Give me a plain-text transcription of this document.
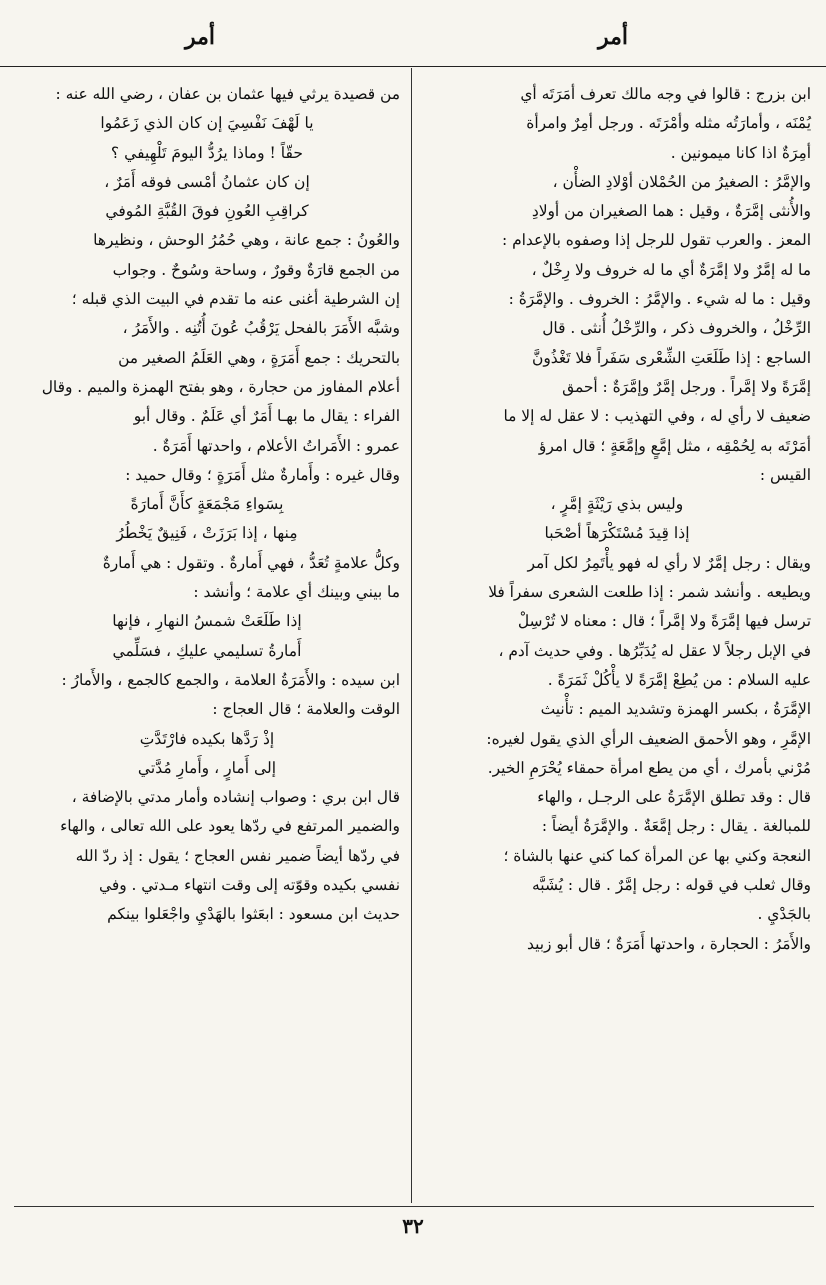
أمر	أمر

ابن بزرج : قالوا في وجه مالك تعرف أمَرَتَه أي

يُمْنَه ، وأمارَتُه مثله وأمْرَتَه . ورجل أمِرٌ وامرأة

أمِرَةٌ اذا كانا ميمونين .

والإمَّرُ : الصغيرُ من الحُمْلان أوْلادِ الضأْن ،

والأُنثى إمَّرَةٌ ، وقيل : هما الصغيران من أولادِ

المعز . والعرب تقول للرجل إذا وصفوه بالإعدام :

ما له إمَّرٌ ولا إمَّرَةٌ أي ما له خروف ولا رِخْلٌ ،

وقيل : ما له شيء . والإمَّرُ : الخروف . والإمَّرَةُ :

الرِّخْلُ ، والخروف ذكر ، والرِّخْلُ أُنثى . قال

الساجع : إذا طَلَعَتِ الشِّعْرى سَفَراً فلا تَغْذُونَّ

إمَّرَةً ولا إمَّراً . ورجل إمَّرٌ وإمَّرَةٌ : أحمق

ضعيف لا رأي له ، وفي التهذيب : لا عقل له إلا ما

أمَرْتَه به لِحُمْقِه ، مثل إمَّعٍ وإمَّعَةٍ ؛ قال امرؤ

القيس :

وليس بذي رَيْثَةٍ إمَّرٍ ،

إذا قِيدَ مُسْتَكْرَهاً أصْحَبا

ويقال : رجل إمَّرٌ لا رأي له فهو يأْتَمِرُ لكل آمر

ويطيعه . وأنشد شمر : إذا طلعت الشعرى سفراً فلا

ترسل فيها إمَّرَةً ولا إمَّراً ؛ قال : معناه لا تُرْسِلْ

في الإبل رجلاً لا عقل له يُدَبِّرُها . وفي حديث آدم ،

عليه السلام : من يُطِعْ إمَّرَةً لا يأْكُلْ ثَمَرَةً .

الإمَّرَةُ ، بكسر الهمزة وتشديد الميم : تأْنيث

الإمَّرِ ، وهو الأحمق الضعيف الرأي الذي يقول لغيره:

مُرْني بأمرك ، أي من يطع امرأة حمقاء يُحْرَمِ الخير.

قال : وقد تطلق الإمَّرَةُ على الرجـل ، والهاء

للمبالغة . يقال : رجل إمَّعَةٌ . والإمَّرَةُ أيضاً :

النعجة وكني بها عن المرأة كما كني عنها بالشاة ؛

وقال ثعلب في قوله : رجل إمَّرٌ . قال : يُشَبَّه

بالجَدْيِ .

والأَمَرُ : الحجارة ، واحدتها أَمَرَةٌ ؛ قال أبو زبيد

من قصيدة يرثي فيها عثمان بن عفان ، رضي الله عنه :

يا لَهْفَ نَفْسِيَ إن كان الذي زَعَمُوا

حقّاً ! وماذا يرُدُّ اليومَ تَلْهِيفي ؟

إن كان عثمانُ أمْسى فوقه أَمَرٌ ،

كراقِبِ العُونِ فوقَ القُبَّةِ المُوفي

والعُونُ : جمع عانة ، وهي حُمُرُ الوحش ، ونظيرها

من الجمع قارَةٌ وقورٌ ، وساحة وسُوحٌ . وجواب

إن الشرطية أغنى عنه ما تقدم في البيت الذي قبله ؛

وشبَّه الأَمَرَ بالفحل يَرْقُبُ عُونَ أُتُنِه . والأَمَرُ ،

بالتحريك : جمع أَمَرَةٍ ، وهي العَلَمُ الصغير من

أعلام المفاوز من حجارة ، وهو بفتح الهمزة والميم . وقال

الفراء : يقال ما بهـا أَمَرٌ أي عَلَمٌ . وقال أبو

عمرو : الأَمَراتُ الأعلام ، واحدتها أَمَرَةٌ .

وقال غيره : وأَمارةٌ مثل أَمَرَةٍ ؛ وقال حميد :

بِسَواءِ مَجْمَعَةٍ كأَنَّ أَمارَةً

مِنها ، إذا بَرَزَتْ ، فَنِيقٌ يَخْطُرُ

وكلُّ علامةٍ تُعَدُّ ، فهي أَمارةٌ . وتقول : هي أَمارةٌ

ما بيني وبينك أي علامة ؛ وأنشد :

إذا طَلَعَتْ شمسُ النهارِ ، فإنها

أَمارةُ تسليمي عليكِ ، فسَلِّمي

ابن سيده : والأَمَرَةُ العلامة ، والجمع كالجمع ، والأَمارُ :

الوقت والعلامة ؛ قال العجاج :

إذْ رَدَّها بكيده فارْتَدَّتِ

إلى أَمارٍ ، وأَمارِ مُدَّتي

قال ابن بري : وصواب إنشاده وأمار مدتي بالإضافة ،

والضمير المرتفع في ردّها يعود على الله تعالى ، والهاء

في ردّها أيضاً ضمير نفس العجاج ؛ يقول : إذ ردّ الله

نفسي بكيده وقوّته إلى وقت انتهاء مـدتي . وفي

حديث ابن مسعود : ابعَثوا بالهَدْيِ واجْعَلوا بينكم

٣٢
